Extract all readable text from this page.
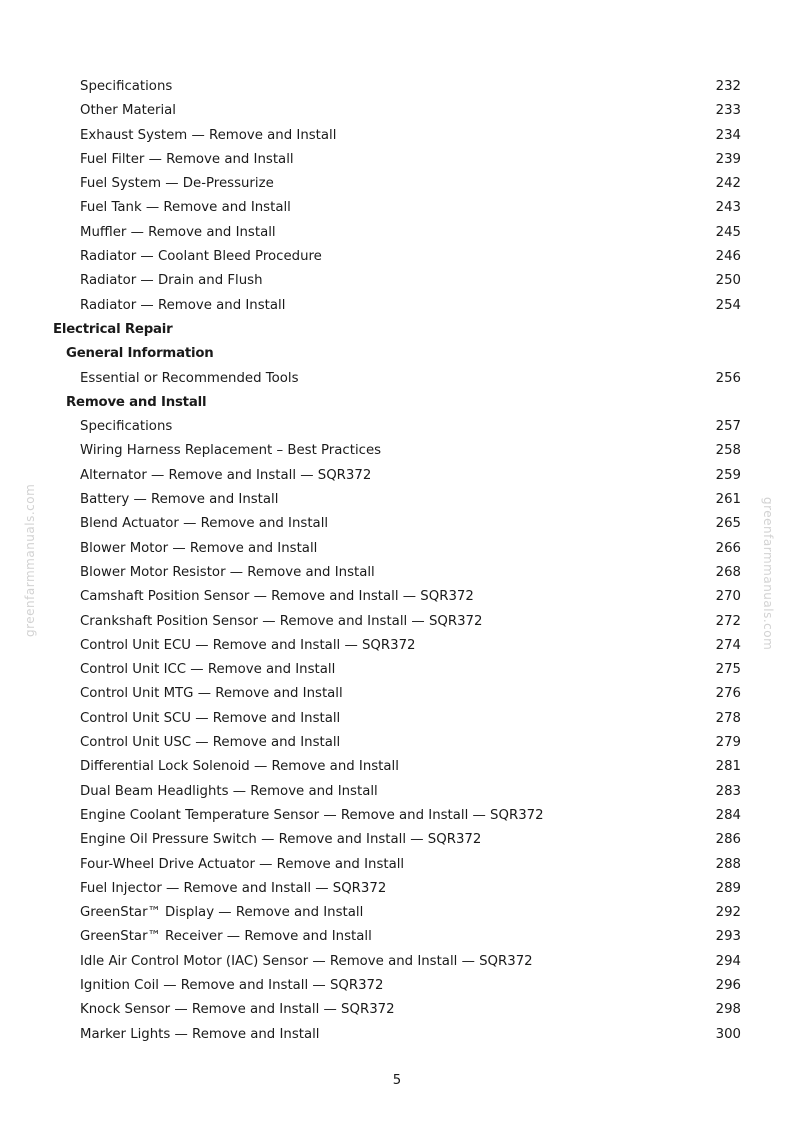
Specifications	232
Other Material	233
Exhaust System — Remove and Install	234
Fuel Filter — Remove and Install	239
Fuel System — De-Pressurize	242
Fuel Tank — Remove and Install	243
Muffler — Remove and Install	245
Radiator — Coolant Bleed Procedure	246
Radiator — Drain and Flush	250
Radiator — Remove and Install	254
Electrical Repair
General Information
Essential or Recommended Tools	256
Remove and Install
Specifications	257
Wiring Harness Replacement – Best Practices	258
Alternator — Remove and Install — SQR372	259
Battery — Remove and Install	261
Blend Actuator — Remove and Install	265
Blower Motor — Remove and Install	266
Blower Motor Resistor — Remove and Install	268
Camshaft Position Sensor — Remove and Install — SQR372	270
Crankshaft Position Sensor — Remove and Install — SQR372	272
Control Unit ECU — Remove and Install — SQR372	274
Control Unit ICC — Remove and Install	275
Control Unit MTG — Remove and Install	276
Control Unit SCU — Remove and Install	278
Control Unit USC — Remove and Install	279
Differential Lock Solenoid — Remove and Install	281
Dual Beam Headlights — Remove and Install	283
Engine Coolant Temperature Sensor — Remove and Install — SQR372	284
Engine Oil Pressure Switch — Remove and Install — SQR372	286
Four-Wheel Drive Actuator — Remove and Install	288
Fuel Injector — Remove and Install — SQR372	289
GreenStar™ Display — Remove and Install	292
GreenStar™ Receiver — Remove and Install	293
Idle Air Control Motor (IAC) Sensor — Remove and Install — SQR372	294
Ignition Coil — Remove and Install — SQR372	296
Knock Sensor — Remove and Install — SQR372	298
Marker Lights — Remove and Install	300
greenfarmmanuals.com	greenfarmmanuals.com
5
